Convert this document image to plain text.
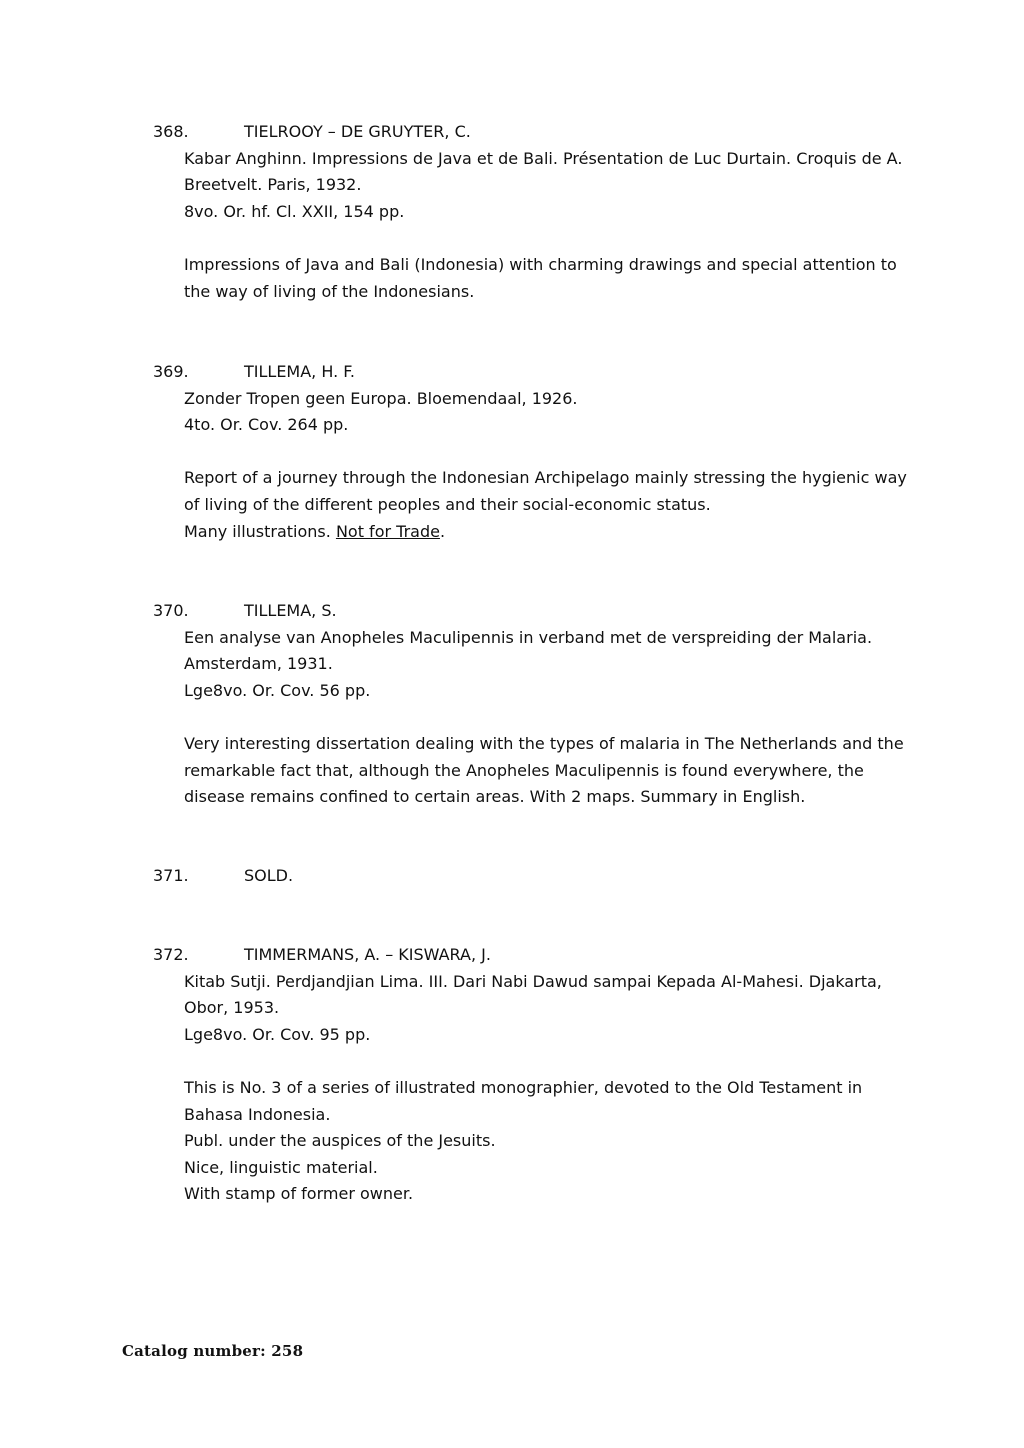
368.	TIELROOY – DE GRUYTER, C.

Kabar Anghinn. Impressions de Java et de Bali. Présentation de Luc Durtain. Croquis de A. Breetvelt. Paris, 1932.

8vo. Or. hf. Cl. XXII, 154 pp.

Impressions of Java and Bali (Indonesia) with charming drawings and special attention to the way of living of the Indonesians.

369.	TILLEMA, H. F.

Zonder Tropen geen Europa. Bloemendaal, 1926.

4to. Or. Cov. 264 pp.

Report of a journey through the Indonesian Archipelago mainly stressing the hygienic way of living of the different peoples and their social-economic status.

Many illustrations. Not for Trade.

370.	TILLEMA, S.

Een analyse van Anopheles Maculipennis in verband met de verspreiding der Malaria. Amsterdam, 1931.

Lge8vo. Or. Cov. 56 pp.

Very interesting dissertation dealing with the types of malaria in The Netherlands and the remarkable fact that, although the Anopheles Maculipennis is found everywhere, the disease remains confined to certain areas. With 2 maps. Summary in English.

371.	SOLD.
372.	TIMMERMANS, A. – KISWARA, J.

Kitab Sutji. Perdjandjian Lima. III. Dari Nabi Dawud sampai Kepada Al-Mahesi. Djakarta, Obor, 1953.

Lge8vo. Or. Cov. 95 pp.

This is No. 3 of a series of illustrated monographier, devoted to the Old Testament in Bahasa Indonesia.

Publ. under the auspices of the Jesuits.

Nice, linguistic material.

With stamp of former owner.

Catalog number: 258
